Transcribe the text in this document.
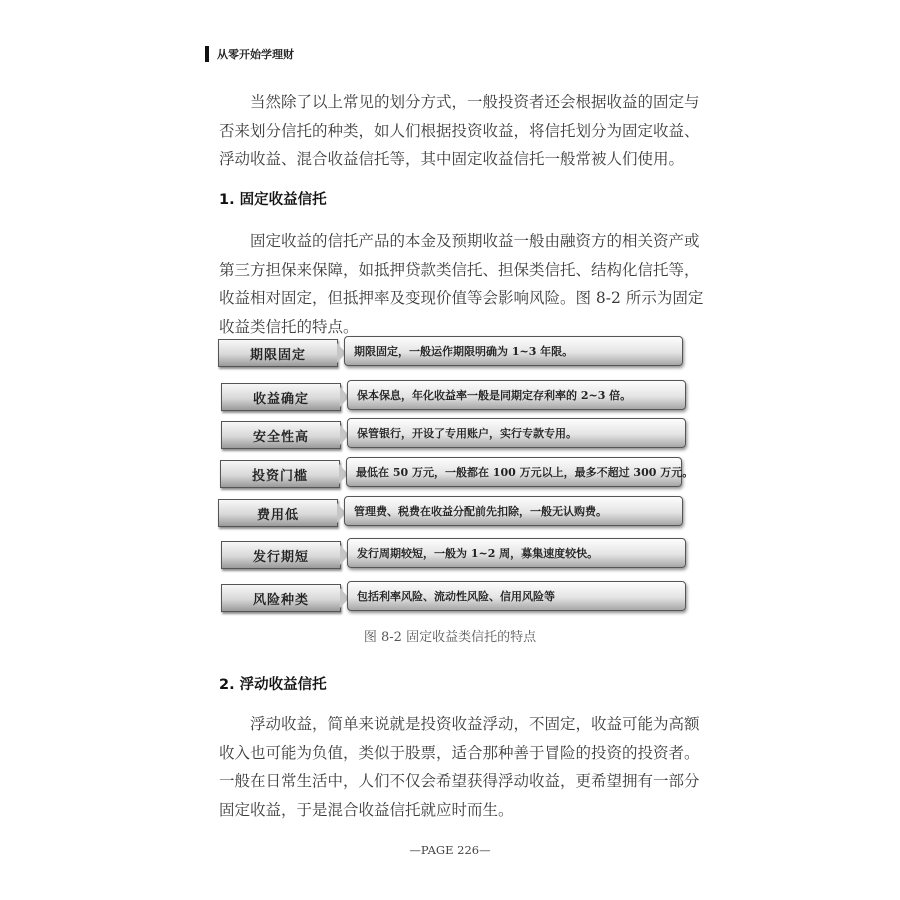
从零开始学理财

当然除了以上常见的划分方式，一般投资者还会根据收益的固定与
否来划分信托的种类，如人们根据投资收益，将信托划分为固定收益、
浮动收益、混合收益信托等，其中固定收益信托一般常被人们使用。

1. 固定收益信托

固定收益的信托产品的本金及预期收益一般由融资方的相关资产或
第三方担保来保障，如抵押贷款类信托、担保类信托、结构化信托等，
收益相对固定，但抵押率及变现价值等会影响风险。图 8-2 所示为固定
收益类信托的特点。

期限固定	期限固定，一般运作期限明确为 1~3 年限。
收益确定	保本保息，年化收益率一般是同期定存利率的 2~3 倍。
安全性高	保管银行，开设了专用账户，实行专款专用。
投资门槛	最低在 50 万元，一般都在 100 万元以上，最多不超过 300 万元。
费用低	管理费、税费在收益分配前先扣除，一般无认购费。
发行期短	发行周期较短，一般为 1~2 周，募集速度较快。
风险种类	包括利率风险、流动性风险、信用风险等
图 8-2 固定收益类信托的特点
2. 浮动收益信托

浮动收益，简单来说就是投资收益浮动，不固定，收益可能为高额
收入也可能为负值，类似于股票，适合那种善于冒险的投资的投资者。
一般在日常生活中，人们不仅会希望获得浮动收益，更希望拥有一部分
固定收益，于是混合收益信托就应时而生。

—PAGE 226—
